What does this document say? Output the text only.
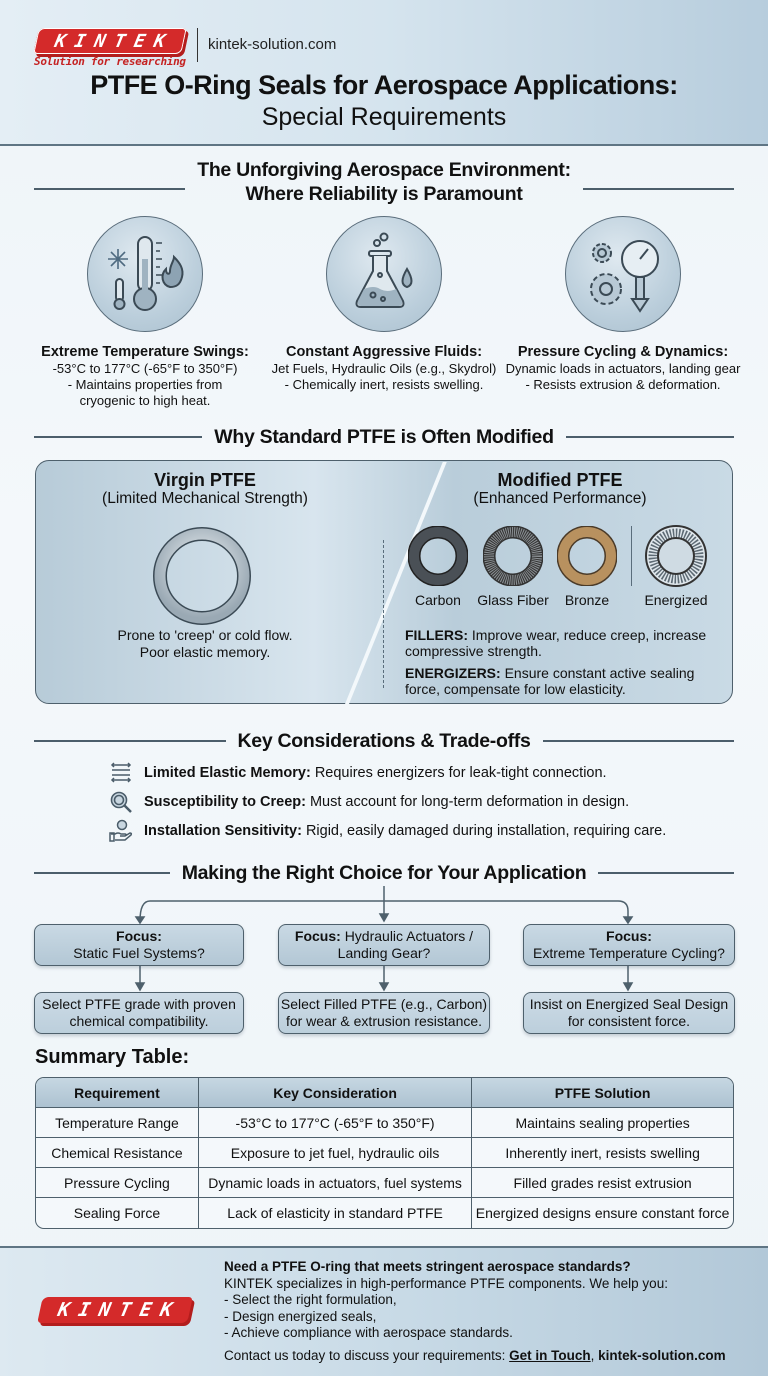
KINTEK
Solution for researching
kintek-solution.com
PTFE O-Ring Seals for Aerospace Applications:
Special Requirements
The Unforgiving Aerospace Environment:
Where Reliability is Paramount
Extreme Temperature Swings:
-53°C to 177°C (-65°F to 350°F)
- Maintains properties from
cryogenic to high heat.
Constant Aggressive Fluids:
Jet Fuels, Hydraulic Oils (e.g., Skydrol)
- Chemically inert, resists swelling.
Pressure Cycling & Dynamics:
Dynamic loads in actuators, landing gear
- Resists extrusion & deformation.
Why Standard PTFE is Often Modified
Virgin PTFE
(Limited Mechanical Strength)
Prone to 'creep' or cold flow.
Poor elastic memory.
Modified PTFE
(Enhanced Performance)
Carbon	Glass Fiber	Bronze	Energized
FILLERS: Improve wear, reduce creep, increase compressive strength.
ENERGIZERS: Ensure constant active sealing force, compensate for low elasticity.
Key Considerations & Trade-offs
Limited Elastic Memory: Requires energizers for leak-tight connection.
Susceptibility to Creep: Must account for long-term deformation in design.
Installation Sensitivity: Rigid, easily damaged during installation, requiring care.
Making the Right Choice for Your Application
Focus:
Static Fuel Systems?
Focus: Hydraulic Actuators /
Landing Gear?
Focus:
Extreme Temperature Cycling?
Select PTFE grade with proven
chemical compatibility.
Select Filled PTFE (e.g., Carbon)
for wear & extrusion resistance.
Insist on Energized Seal Design
for consistent force.
Summary Table:
Requirement	Key Consideration	PTFE Solution
Temperature Range	-53°C to 177°C (-65°F to 350°F)	Maintains sealing properties
Chemical Resistance	Exposure to jet fuel, hydraulic oils	Inherently inert, resists swelling
Pressure Cycling	Dynamic loads in actuators, fuel systems	Filled grades resist extrusion
Sealing Force	Lack of elasticity in standard PTFE	Energized designs ensure constant force
KINTEK
Need a PTFE O-ring that meets stringent aerospace standards?
KINTEK specializes in high-performance PTFE components. We help you:
- Select the right formulation,
- Design energized seals,
- Achieve compliance with aerospace standards.
Contact us today to discuss your requirements: Get in Touch, kintek-solution.com
